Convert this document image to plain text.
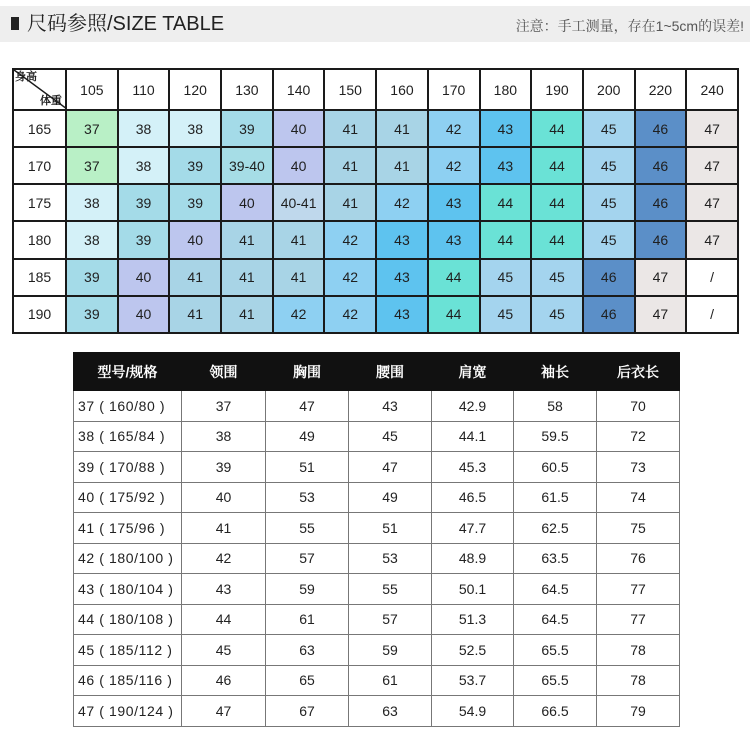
尺码参照/SIZE TABLE	注意：手工测量，存在1~5cm的误差!
身高
体重	105	110	120	130	140	150	160	170	180	190	200	220	240
165	37	38	38	39	40	41	41	42	43	44	45	46	47
170	37	38	39	39-40	40	41	41	42	43	44	45	46	47
175	38	39	39	40	40-41	41	42	43	44	44	45	46	47
180	38	39	40	41	41	42	43	43	44	44	45	46	47
185	39	40	41	41	41	42	43	44	45	45	46	47	/
190	39	40	41	41	42	42	43	44	45	45	46	47	/
型号/规格	领围	胸围	腰围	肩宽	袖长	后衣长
37 ( 160/80 )	37	47	43	42.9	58	70
38 ( 165/84 )	38	49	45	44.1	59.5	72
39 ( 170/88 )	39	51	47	45.3	60.5	73
40 ( 175/92 )	40	53	49	46.5	61.5	74
41 ( 175/96 )	41	55	51	47.7	62.5	75
42 ( 180/100 )	42	57	53	48.9	63.5	76
43 ( 180/104 )	43	59	55	50.1	64.5	77
44 ( 180/108 )	44	61	57	51.3	64.5	77
45 ( 185/112 )	45	63	59	52.5	65.5	78
46 ( 185/116 )	46	65	61	53.7	65.5	78
47 ( 190/124 )	47	67	63	54.9	66.5	79
